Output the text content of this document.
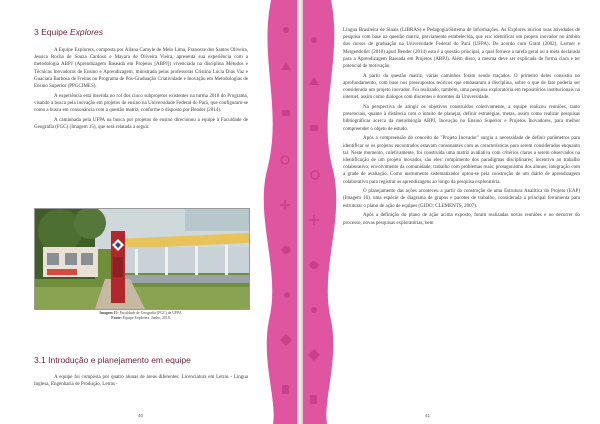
3 Equipe Explores

A Equipe Explorers, composta por Allana Camyle de Melo Lima, Franceze dos Santos Oliveira, Jessica Rocha de Souza Cardoso e Mayara de Oliveira Vieira, apresenta sua experiência com a metodologia ABPJ (Aprendizagem Baseada em Projetos [ABPJ]) vivenciada na disciplina Métodos e Técnicas Inovadoras de Ensino e Aprendizagem, ministrada pelas professoras Cristina Lúcia Dias Vaz e Guaciara Barbosa de Freitas no Programa de Pós-Graduação Criatividade e Inovação em Metodologias de Ensino Superior (PPGCIMES).

A experiência está inserida no rol dos cinco subprojetos existentes na turma 2018 do Programa, visando a busca pela inovação em projetos de ensino na Universidade Federal do Pará, que configuram-se como a busca em consonância com a questão matriz, conforme o disposto por Bender (2014).

A caminhada pela UFPA na busca por projetos de ensino direcionou a equipe à Faculdade de Geografia (FGC) (Imagem 15), que será relatada a seguir.

Imagem 15: Faculdade de Geografia (FGC) da UFPA.
Fonte: Equipe Explorers. Junho, 2018.
3.1 Introdução e planejamento em equipe

A equipe foi composta por quatro alunas de áreas diferentes: Licenciatura em Letras - Língua Inglesa, Engenharia de Produção, Letras -

40

Língua Brasileira de Sinais (LIBRAS) e Pedagogia/Sistema de Informações. As Explores iniciou suas atividades de pesquisa com base na questão matriz, previamente estabelecida, que era: identificar um projeto inovador no âmbito dos cursos de graduação na Universidade Federal do Pará (UFPA). De acordo com Grant (2002), Larmer e Mergendoller (2010) apud Bender (2014) esta é a questão principal, a qual fornece a tarefa geral ou a meta declarada para a Aprendizagem Baseada em Projetos (ABPJ). Além disso, a mesma deve ser explicada de forma clara e ter potencial de motivação.

A partir da questão matriz, várias caminhos foram sendo traçados. O primeiro deles consistiu no aprofundamento, com base nos pressupostos teóricos que embasaram a disciplina, sobre o que de fato poderia ser considerado um projeto inovador. Foi realizado, também, uma pesquisa exploratória em repositórios institucionais na internet, assim como diálogos com discentes e docentes da Universidade.

Na perspectiva de atingir os objetivos construídos coletivamente, a equipe realizou reuniões, tanto presenciais, quanto à distância com o intuito de planejar, definir estratégias, metas, assim como realizar pesquisas bibliográficas acerca da metodologia ABPJ, Inovação no Ensino Superior e Projetos Inovadores, para melhor compreender o objeto de estudo.

Após a compreensão do conceito de "Projeto Inovador" surgiu a necessidade de definir parâmetros para identificar se os projetos encontrados estavam consonantes com as características para serem considerados enquanto tal. Neste momento, coletivamente, foi construída uma matriz avaliativa com critérios claros a serem observados na identificação de um projeto inovador, são eles: rompimento dos paradigmas disciplinares; incentivo ao trabalho colaborativo; envolvimento da comunidade; trabalho com problemas reais; protagonismo dos alunos; integração com a grade de avaliação. Como instrumento sistematizador optou-se pela construção de um diário de aprendizagem colaborativo para registrar as aprendizagens ao longo da pesquisa exploratória.

O planejamento das ações aconteceu a partir da construção de uma Estrutura Analítica do Projeto (EAP) (Imagem 16), uma espécie de diagrama de grupos e pacotes de trabalho, considerada a principal ferramenta para estruturar o plano de ação de equipes (GIDO; CLEMENTS, 2007).

Após a definição do plano de ação acima exposto, foram realizadas novas reuniões e no decorrer do processo, novas pesquisas exploratórias, bem

41
